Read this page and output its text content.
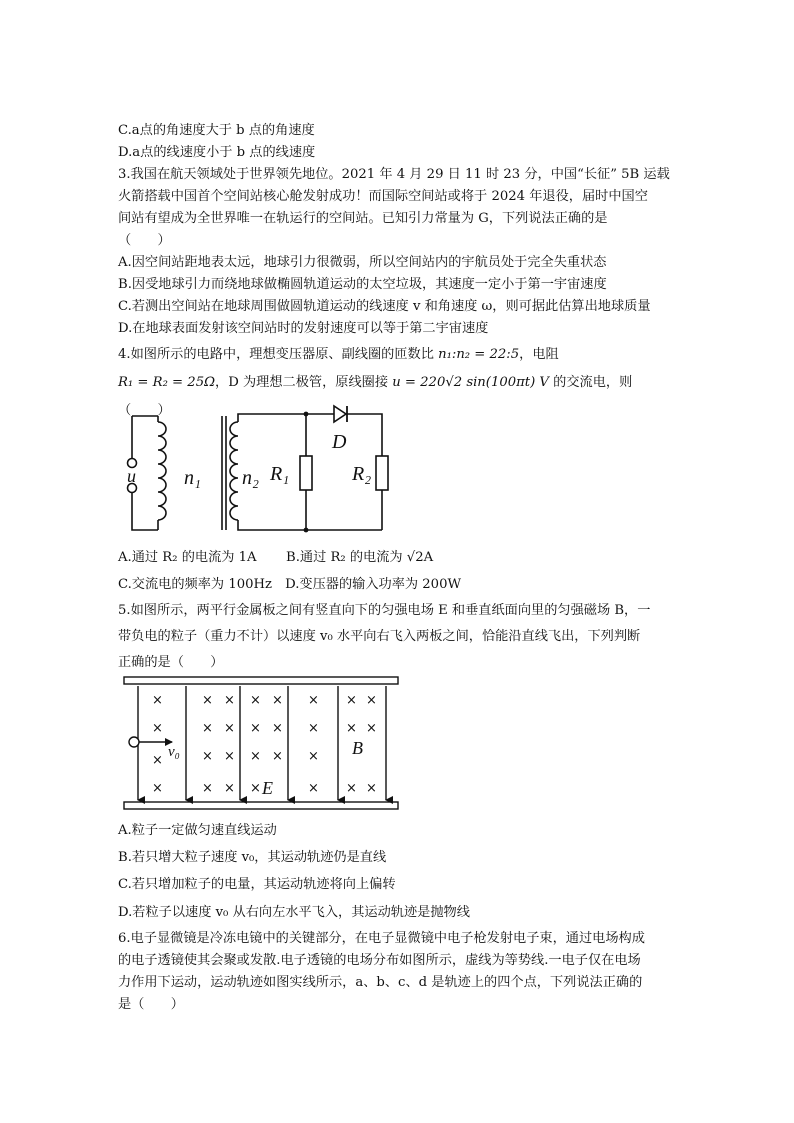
C.a点的角速度大于 b 点的角速度
D.a点的线速度小于 b 点的线速度
3.我国在航天领域处于世界领先地位。2021 年 4 月 29 日 11 时 23 分，中国“长征” 5B 运载
火箭搭载中国首个空间站核心舱发射成功！而国际空间站或将于 2024 年退役，届时中国空
间站有望成为全世界唯一在轨运行的空间站。已知引力常量为 G，下列说法正确的是
（　　）
A.因空间站距地表太远，地球引力很微弱，所以空间站内的宇航员处于完全失重状态
B.因受地球引力而绕地球做椭圆轨道运动的太空垃圾，其速度一定小于第一宇宙速度
C.若测出空间站在地球周围做圆轨道运动的线速度 v 和角速度 ω，则可据此估算出地球质量
D.在地球表面发射该空间站时的发射速度可以等于第二宇宙速度
4.如图所示的电路中，理想变压器原、副线圈的匝数比 n₁:n₂ = 22:5，电阻
R₁ = R₂ = 25Ω，D 为理想二极管，原线圈接 u = 220√2 sin(100πt) V 的交流电，则
（　　）
u n₁ n₂ R₁	R₂
D
A.通过 R₂ 的电流为 1A B.通过 R₂ 的电流为 √2A
C.交流电的频率为 100Hz　D.变压器的输入功率为 200W
5.如图所示，两平行金属板之间有竖直向下的匀强电场 E 和垂直纸面向里的匀强磁场 B，一
带负电的粒子（重力不计）以速度 v₀ 水平向右飞入两板之间，恰能沿直线飞出，下列判断
正确的是（　　）
×	× × × × × × ×
×	× × × × × × ×
× × × × ×
×
×	× × ×	× × ×
v₀	B
E
A.粒子一定做匀速直线运动
B.若只增大粒子速度 v₀，其运动轨迹仍是直线
C.若只增加粒子的电量，其运动轨迹将向上偏转
D.若粒子以速度 v₀ 从右向左水平飞入，其运动轨迹是抛物线
6.电子显微镜是冷冻电镜中的关键部分，在电子显微镜中电子枪发射电子束，通过电场构成
的电子透镜使其会聚或发散.电子透镜的电场分布如图所示，虚线为等势线.一电子仅在电场
力作用下运动，运动轨迹如图实线所示，a、b、c、d 是轨迹上的四个点，下列说法正确的
是（　　）
